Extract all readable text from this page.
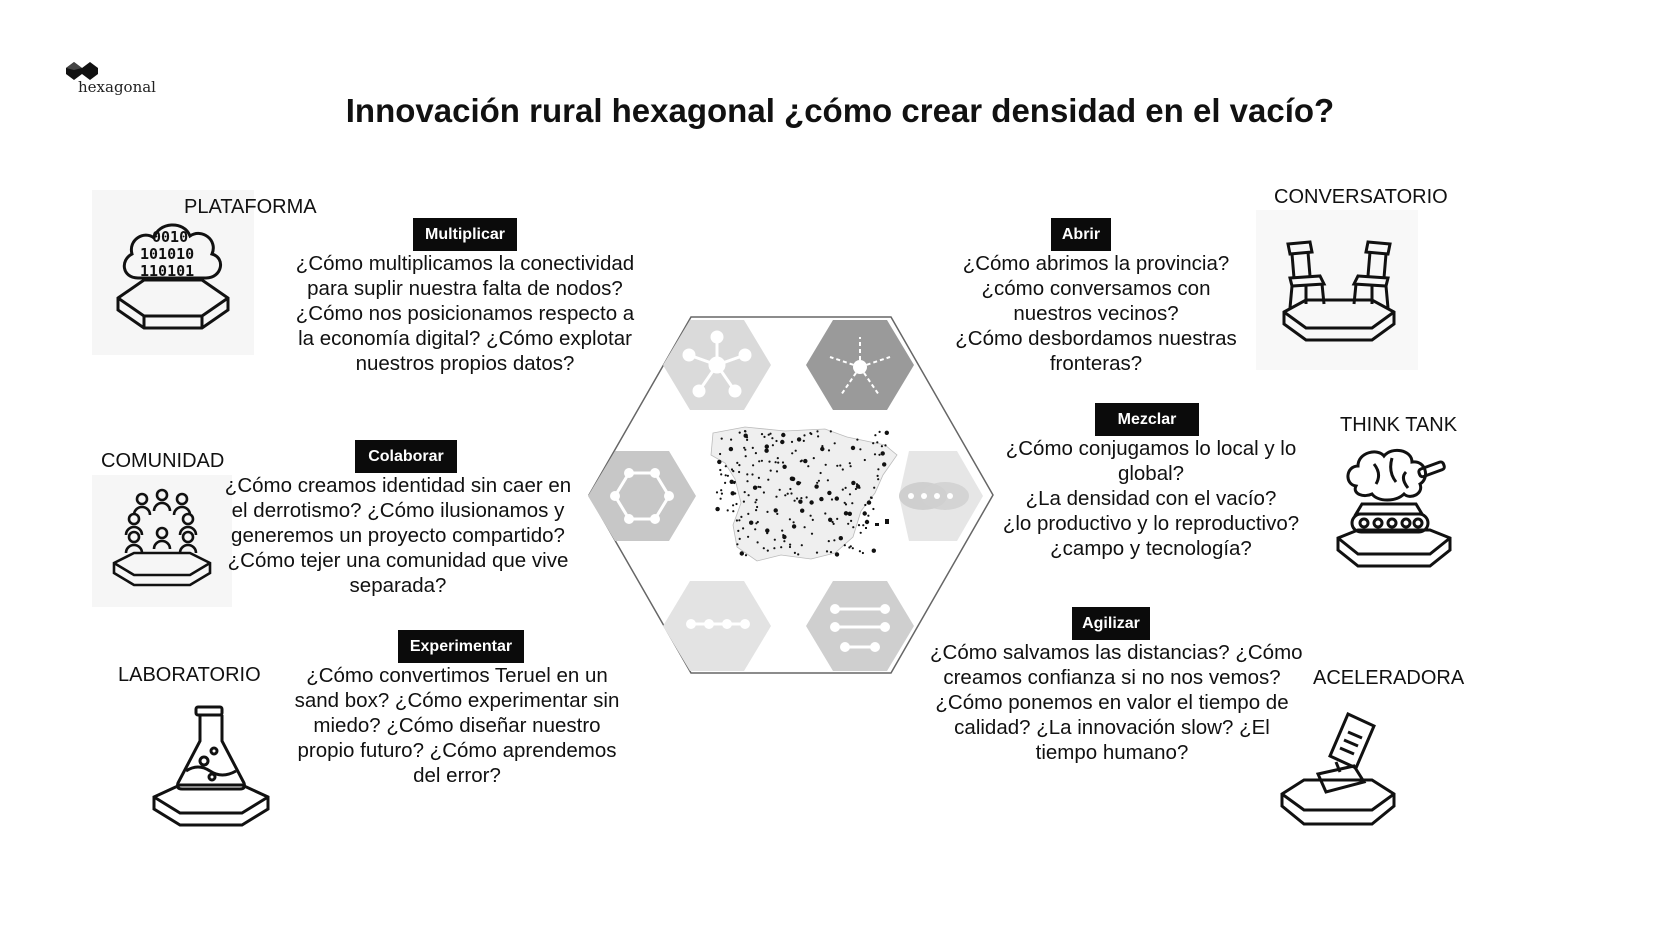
hexagonal
Innovación rural hexagonal ¿cómo crear densidad en el vacío?
0010
101010
110101
PLATAFORMA
Multiplicar
¿Cómo multiplicamos la conectividad
para suplir nuestra falta de nodos?
¿Cómo nos posicionamos respecto a
la economía digital? ¿Cómo explotar
nuestros propios datos?
COMUNIDAD	Colaborar
¿Cómo creamos identidad sin caer en
el derrotismo? ¿Cómo ilusionamos y
generemos un proyecto compartido?
¿Cómo tejer una comunidad que vive
separada?
LABORATORIO
Experimentar
¿Cómo convertimos Teruel en un
sand box? ¿Cómo experimentar sin
miedo? ¿Cómo diseñar nuestro
propio futuro? ¿Cómo aprendemos
del error?
CONVERSATORIO
Abrir
¿Cómo abrimos la provincia?
¿cómo conversamos con
nuestros vecinos?
¿Cómo desbordamos nuestras
fronteras?
THINK TANK
Mezclar
¿Cómo conjugamos lo local y lo
global?
¿La densidad con el vacío?
¿lo productivo y lo reproductivo?
¿campo y tecnología?
ACELERADORA
Agilizar
¿Cómo salvamos las distancias? ¿Cómo
creamos confianza si no nos vemos?
¿Cómo ponemos en valor el tiempo de
calidad? ¿La innovación slow? ¿El
tiempo humano?
